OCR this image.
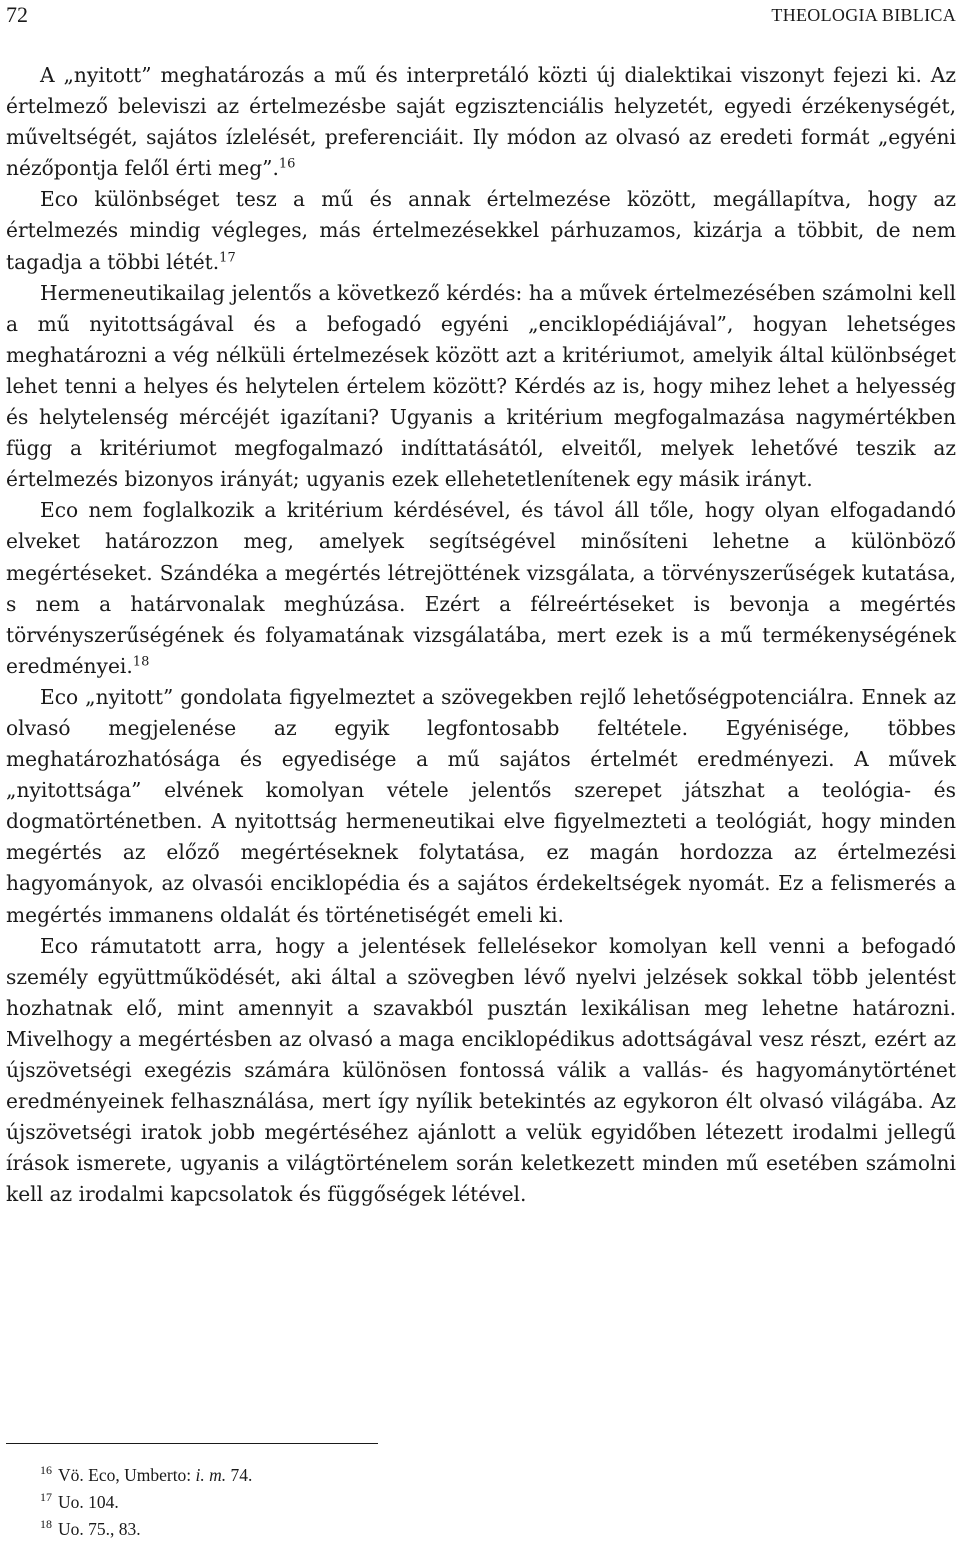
72	THEOLOGIA BIBLICA

A „nyitott” meghatározás a mű és interpretáló közti új dialektikai viszonyt fejezi ki. Az értelmező beleviszi az értelmezésbe saját egzisztenciális helyzetét, egyedi érzékenységét, műveltségét, sajátos ízlelését, preferenciáit. Ily módon az olvasó az eredeti formát „egyéni nézőpontja felől érti meg”.$^{16}$

Eco különbséget tesz a mű és annak értelmezése között, megállapítva, hogy az értelmezés mindig végleges, más értelmezésekkel párhuzamos, kizárja a többit, de nem tagadja a többi létét.$^{17}$

Hermeneutikailag jelentős a következő kérdés: ha a művek értelmezésében számolni kell a mű nyitottságával és a befogadó egyéni „enciklopédiájával”, hogyan lehetséges meghatározni a vég nélküli értelmezések között azt a kritériumot, amelyik által különbséget lehet tenni a helyes és helytelen értelem között? Kérdés az is, hogy mihez lehet a helyesség és helytelenség mércéjét igazítani? Ugyanis a kritérium megfogalmazása nagymértékben függ a kritériumot megfogalmazó indíttatásától, elveitől, melyek lehetővé teszik az értelmezés bizonyos irányát; ugyanis ezek ellehetetlenítenek egy másik irányt.

Eco nem foglalkozik a kritérium kérdésével, és távol áll tőle, hogy olyan elfogadandó elveket határozzon meg, amelyek segítségével minősíteni lehetne a különböző megértéseket. Szándéka a megértés létrejöttének vizsgálata, a törvényszerűségek kutatása, s nem a határvonalak meghúzása. Ezért a félreértéseket is bevonja a megértés törvényszerűségének és folyamatának vizsgálatába, mert ezek is a mű termékenységének eredményei.$^{18}$

Eco „nyitott” gondolata figyelmeztet a szövegekben rejlő lehetőségpotenciálra. Ennek az olvasó megjelenése az egyik legfontosabb feltétele. Egyénisége, többes meghatározhatósága és egyedisége a mű sajátos értelmét eredményezi. A művek „nyitottsága” elvének komolyan vétele jelentős szerepet játszhat a teológia- és dogmatörténetben. A nyitottság hermeneutikai elve figyelmezteti a teológiát, hogy minden megértés az előző megértéseknek folytatása, ez magán hordozza az értelmezési hagyományok, az olvasói enciklopédia és a sajátos érdekeltségek nyomát. Ez a felismerés a megértés immanens oldalát és történetiségét emeli ki.

Eco rámutatott arra, hogy a jelentések fellelésekor komolyan kell venni a befogadó személy együttműködését, aki által a szövegben lévő nyelvi jelzések sokkal több jelentést hozhatnak elő, mint amennyit a szavakból pusztán lexikálisan meg lehetne határozni. Mivelhogy a megértésben az olvasó a maga enciklopédikus adottságával vesz részt, ezért az újszövetségi exegézis számára különösen fontossá válik a vallás- és hagyománytörténet eredményeinek felhasználása, mert így nyílik betekintés az egykoron élt olvasó világába. Az újszövetségi iratok jobb megértéséhez ajánlott a velük egyidőben létezett irodalmi jellegű írások ismerete, ugyanis a világtörténelem során keletkezett minden mű esetében számolni kell az irodalmi kapcsolatok és függőségek létével.

$^{16}$ Vö. Eco, Umberto: i. m. 74.
$^{17}$ Uo. 104.
$^{18}$ Uo. 75., 83.
